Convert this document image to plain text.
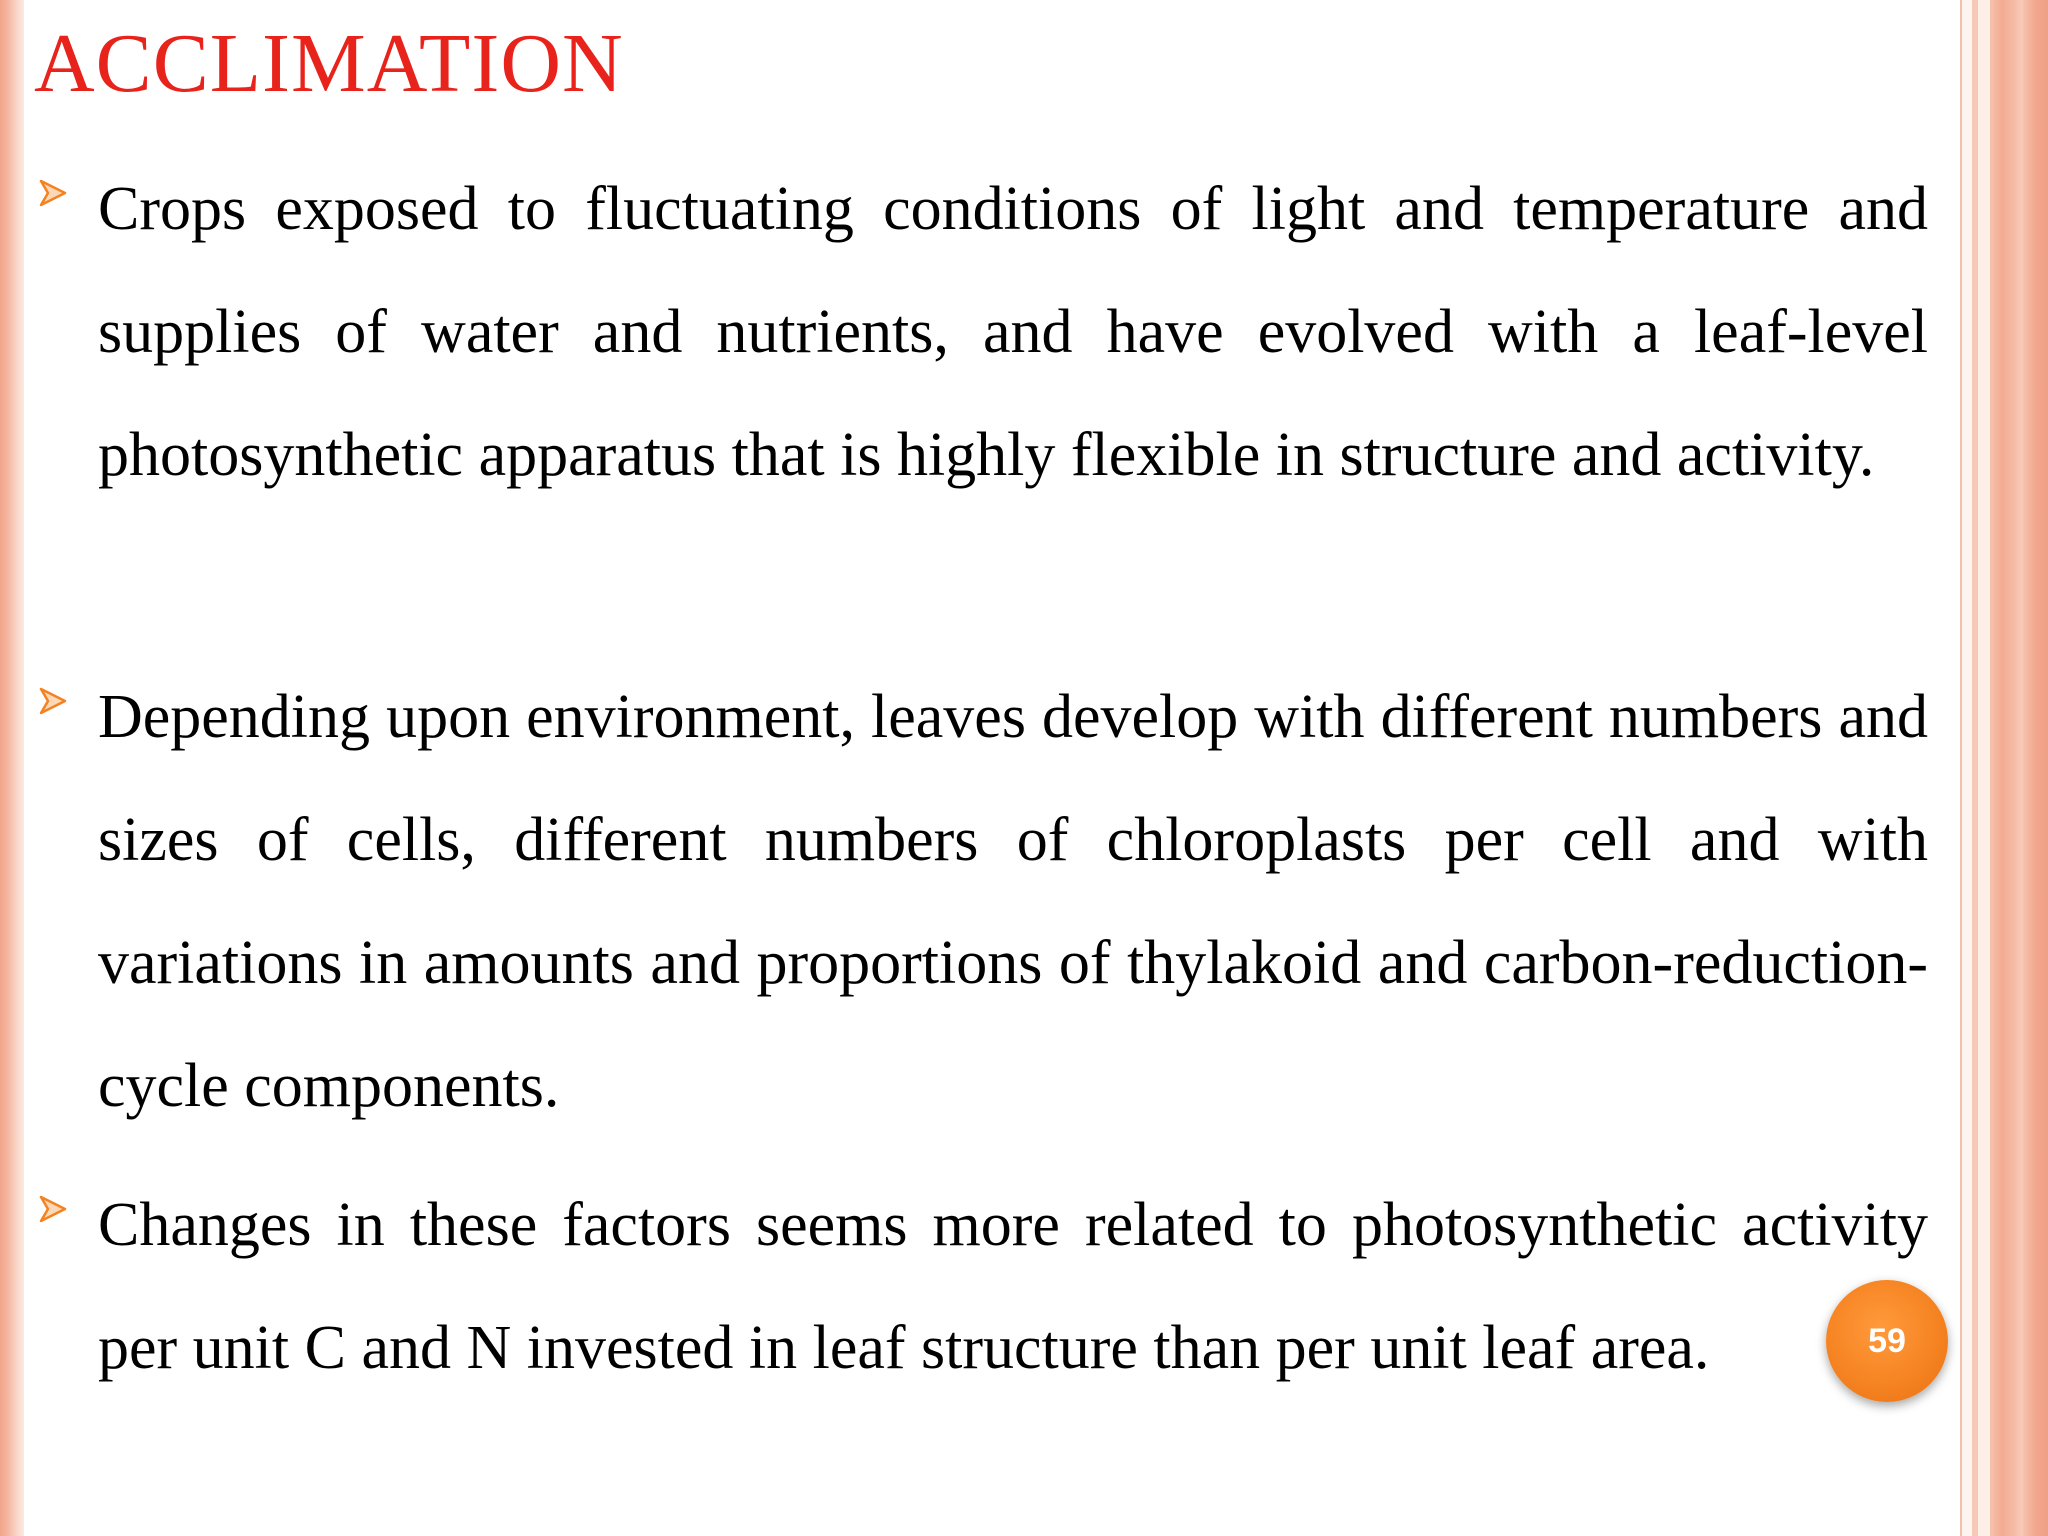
ACCLIMATION

Crops exposed to fluctuating conditions of light and temperature and supplies of water and nutrients, and have evolved with a leaf-level photosynthetic apparatus that is highly flexible in structure and activity.

Depending upon environment, leaves develop with different numbers and sizes of cells, different numbers of chloroplasts per cell and with variations in amounts and proportions of thylakoid and carbon-reduction-cycle components.

Changes in these factors seems more related to photosynthetic activity per unit C and N invested in leaf structure than per unit leaf area.	59
